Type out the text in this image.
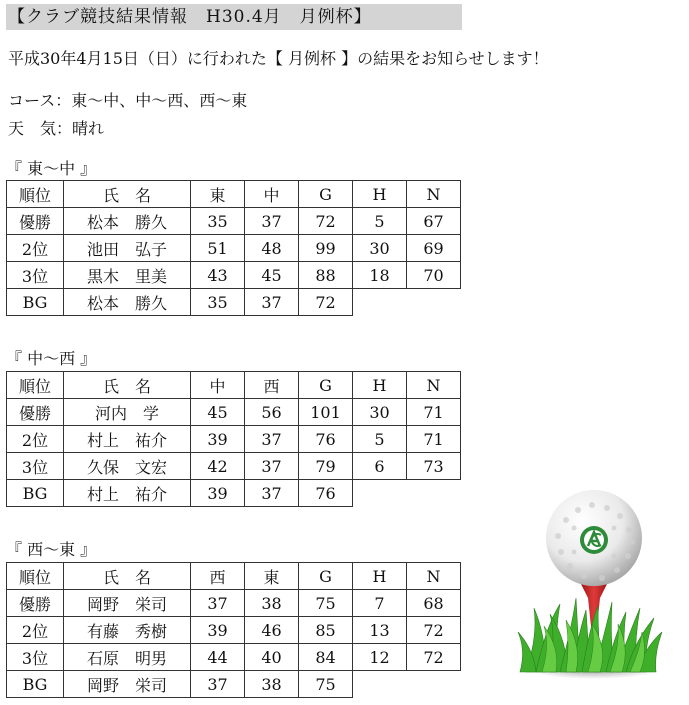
【クラブ競技結果情報　H30.4月　月例杯】
平成30年4月15日（日）に行われた【 月例杯 】の結果をお知らせします！
コース：東〜中、中〜西、西〜東
天　気：晴れ
『 東〜中 』
順位	氏　名	東	中	G	H	N
優勝	松本　勝久	35	37	72	5	67
2位	池田　弘子	51	48	99	30	69
3位	黒木　里美	43	45	88	18	70
BG	松本　勝久	35	37	72		
『 中〜西 』
順位	氏　名	中	西	G	H	N
優勝	河内　学	45	56	101	30	71
2位	村上　祐介	39	37	76	5	71
3位	久保　文宏	42	37	79	6	73
BG	村上　祐介	39	37	76		
『 西〜東 』
順位	氏　名	西	東	G	H	N
優勝	岡野　栄司	37	38	75	7	68
2位	有藤　秀樹	39	46	85	13	72
3位	石原　明男	44	40	84	12	72
BG	岡野　栄司	37	38	75		
